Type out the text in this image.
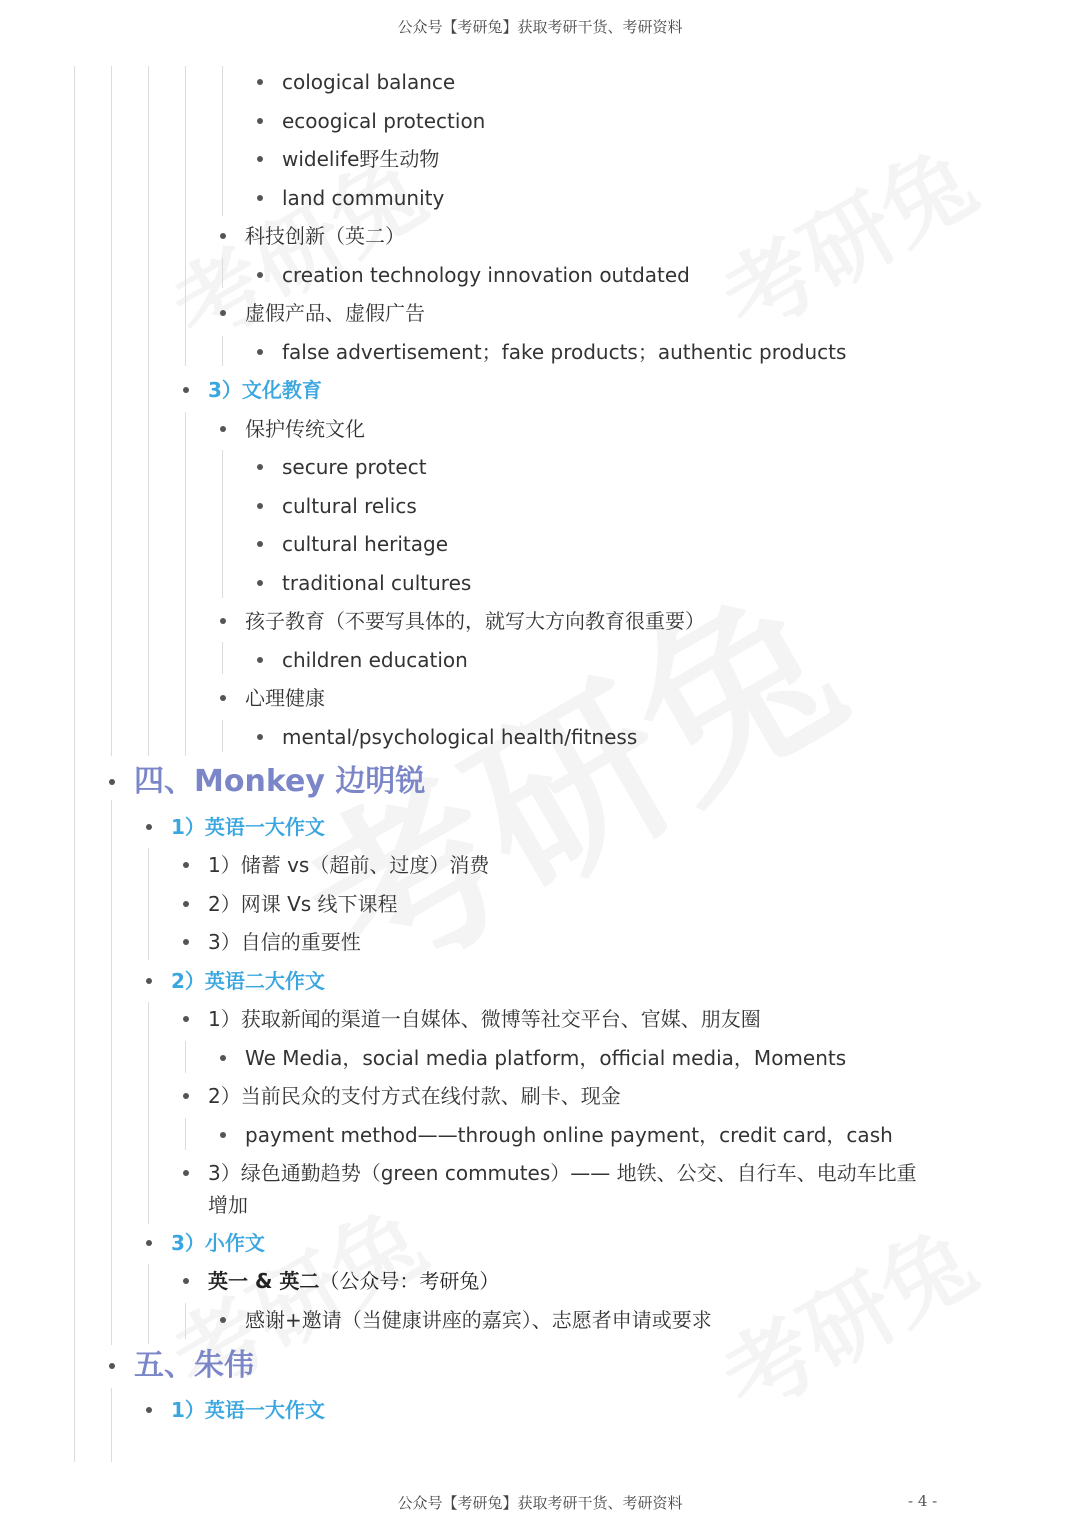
公众号【考研兔】获取考研干货、考研资料
cological balance
ecoogical protection
widelife野生动物
land community
科技创新（英二）
creation technology innovation outdated
虚假产品、虚假广告
false advertisement；fake products；authentic products
3）文化教育
保护传统文化
secure protect
cultural relics
cultural heritage
traditional cultures
孩子教育（不要写具体的，就写大方向教育很重要）
children education
心理健康
mental/psychological health/fitness
四、Monkey 边明锐
1）英语一大作文
1）储蓄 vs（超前、过度）消费
2）网课 Vs 线下课程
3）自信的重要性
2）英语二大作文
1）获取新闻的渠道一自媒体、微博等社交平台、官媒、朋友圈
We Media，social media platform，official media，Moments
2）当前民众的支付方式在线付款、刷卡、现金
payment method——through online payment，credit card，cash
3）绿色通勤趋势（green commutes）—— 地铁、公交、自行车、电动车比重增加
3）小作文
英一 & 英二（公众号：考研兔）
感谢+邀请（当健康讲座的嘉宾）、志愿者申请或要求
五、朱伟
1）英语一大作文
公众号【考研兔】获取考研干货、考研资料	- 4 -
